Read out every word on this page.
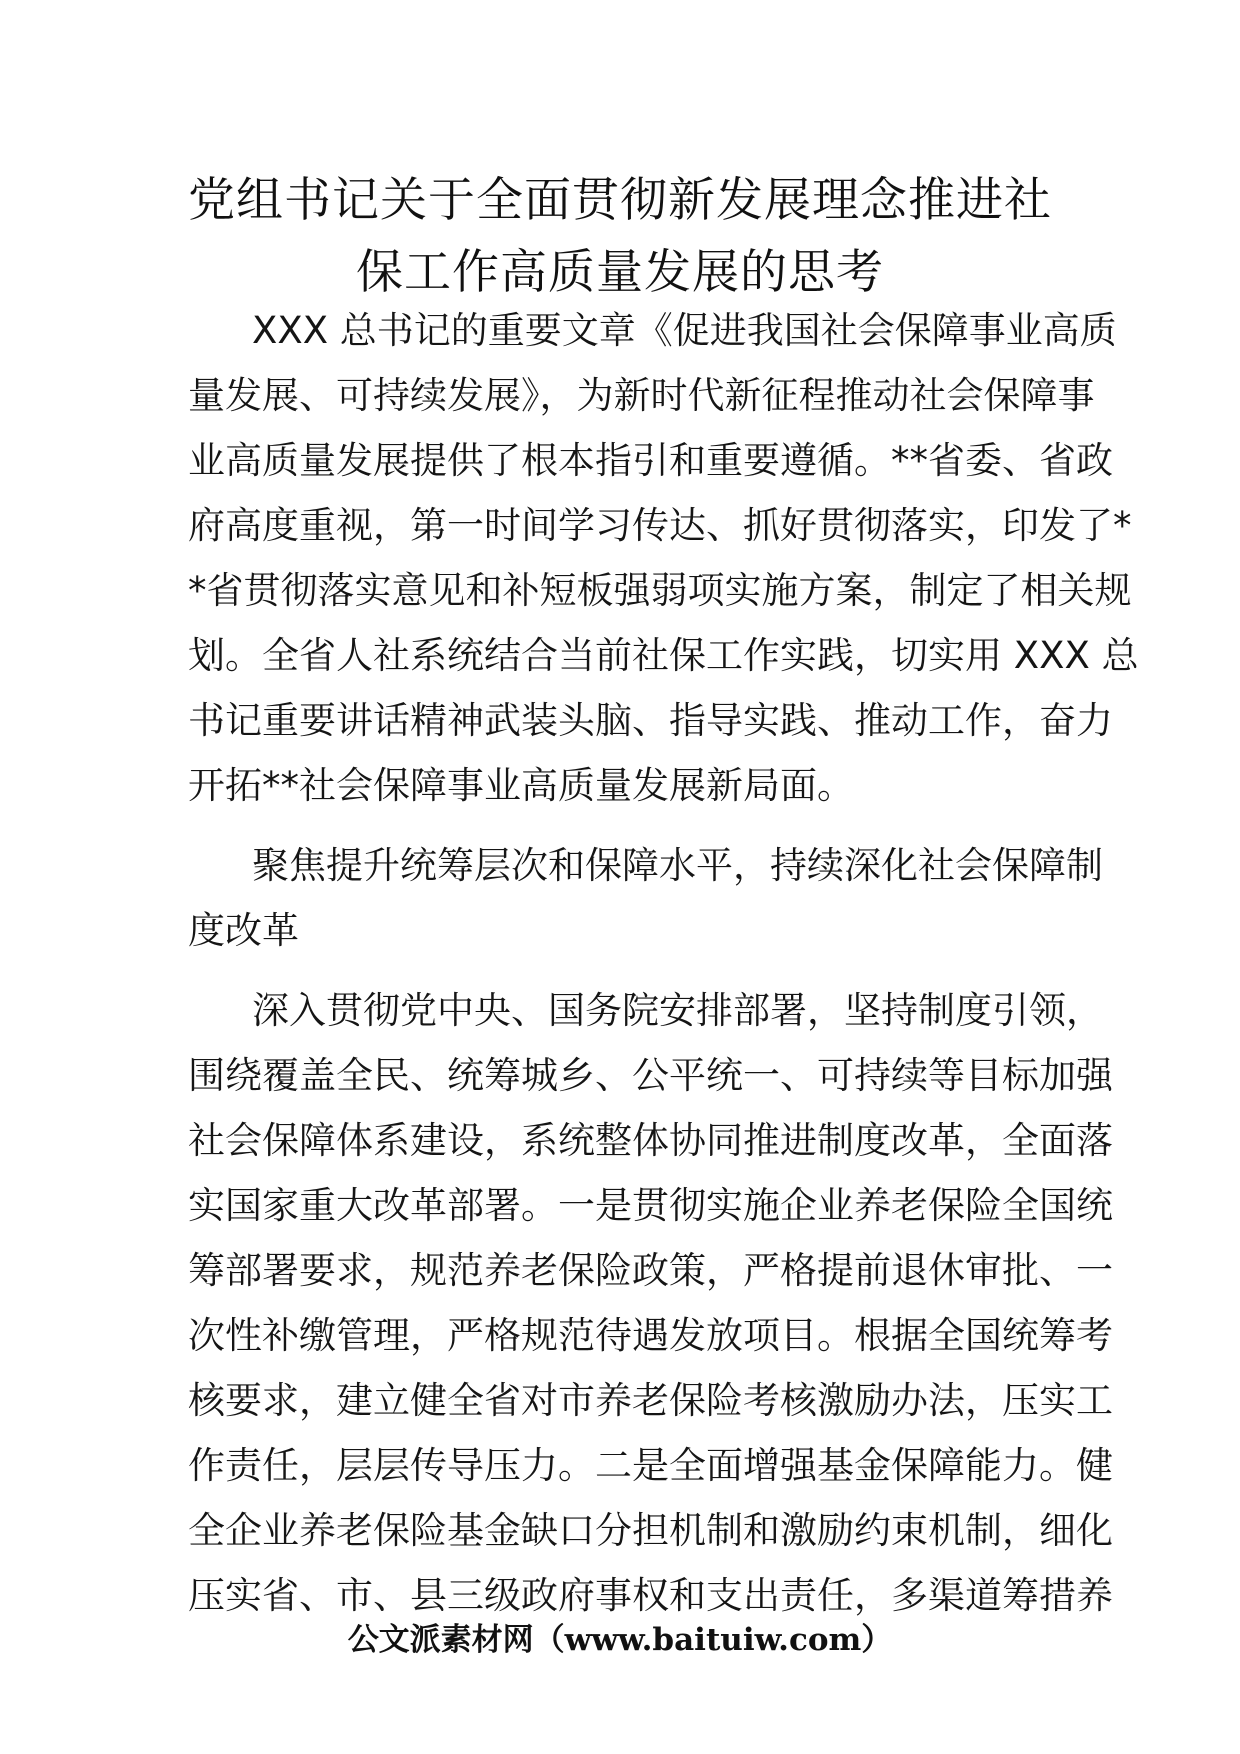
党组书记关于全面贯彻新发展理念推进社
保工作高质量发展的思考
XXX 总书记的重要文章《促进我国社会保障事业高质
量发展、可持续发展》，为新时代新征程推动社会保障事
业高质量发展提供了根本指引和重要遵循。**省委、省政
府高度重视，第一时间学习传达、抓好贯彻落实，印发了*
*省贯彻落实意见和补短板强弱项实施方案，制定了相关规
划。全省人社系统结合当前社保工作实践，切实用 XXX 总
书记重要讲话精神武装头脑、指导实践、推动工作，奋力
开拓**社会保障事业高质量发展新局面。
聚焦提升统筹层次和保障水平，持续深化社会保障制
度改革
深入贯彻党中央、国务院安排部署，坚持制度引领，
围绕覆盖全民、统筹城乡、公平统一、可持续等目标加强
社会保障体系建设，系统整体协同推进制度改革，全面落
实国家重大改革部署。一是贯彻实施企业养老保险全国统
筹部署要求，规范养老保险政策，严格提前退休审批、一
次性补缴管理，严格规范待遇发放项目。根据全国统筹考
核要求，建立健全省对市养老保险考核激励办法，压实工
作责任，层层传导压力。二是全面增强基金保障能力。健
全企业养老保险基金缺口分担机制和激励约束机制，细化
压实省、市、县三级政府事权和支出责任，多渠道筹措养
公文派素材网（www.baituiw.com）
